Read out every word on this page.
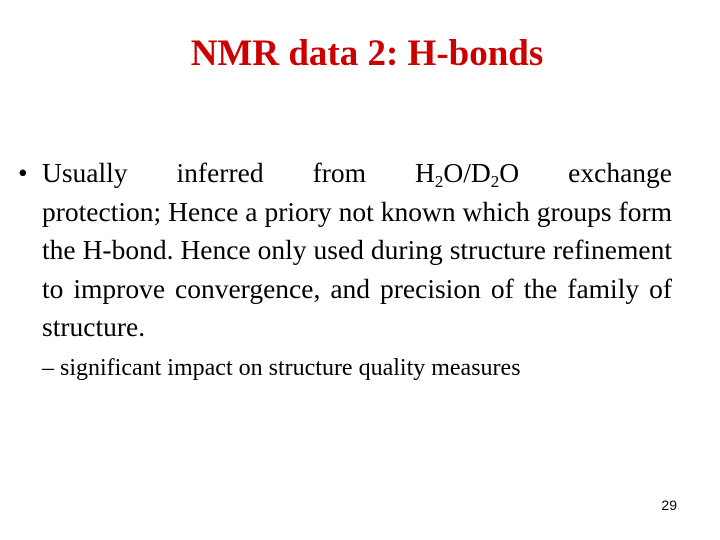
NMR data 2: H-bonds

• Usually inferred from $H_2O/D_2O$ exchange
protection; Hence a priory not known which groups form the H-bond. Hence only used during structure refinement to improve convergence, and precision of the family of structure.

– significant impact on structure quality measures

29
